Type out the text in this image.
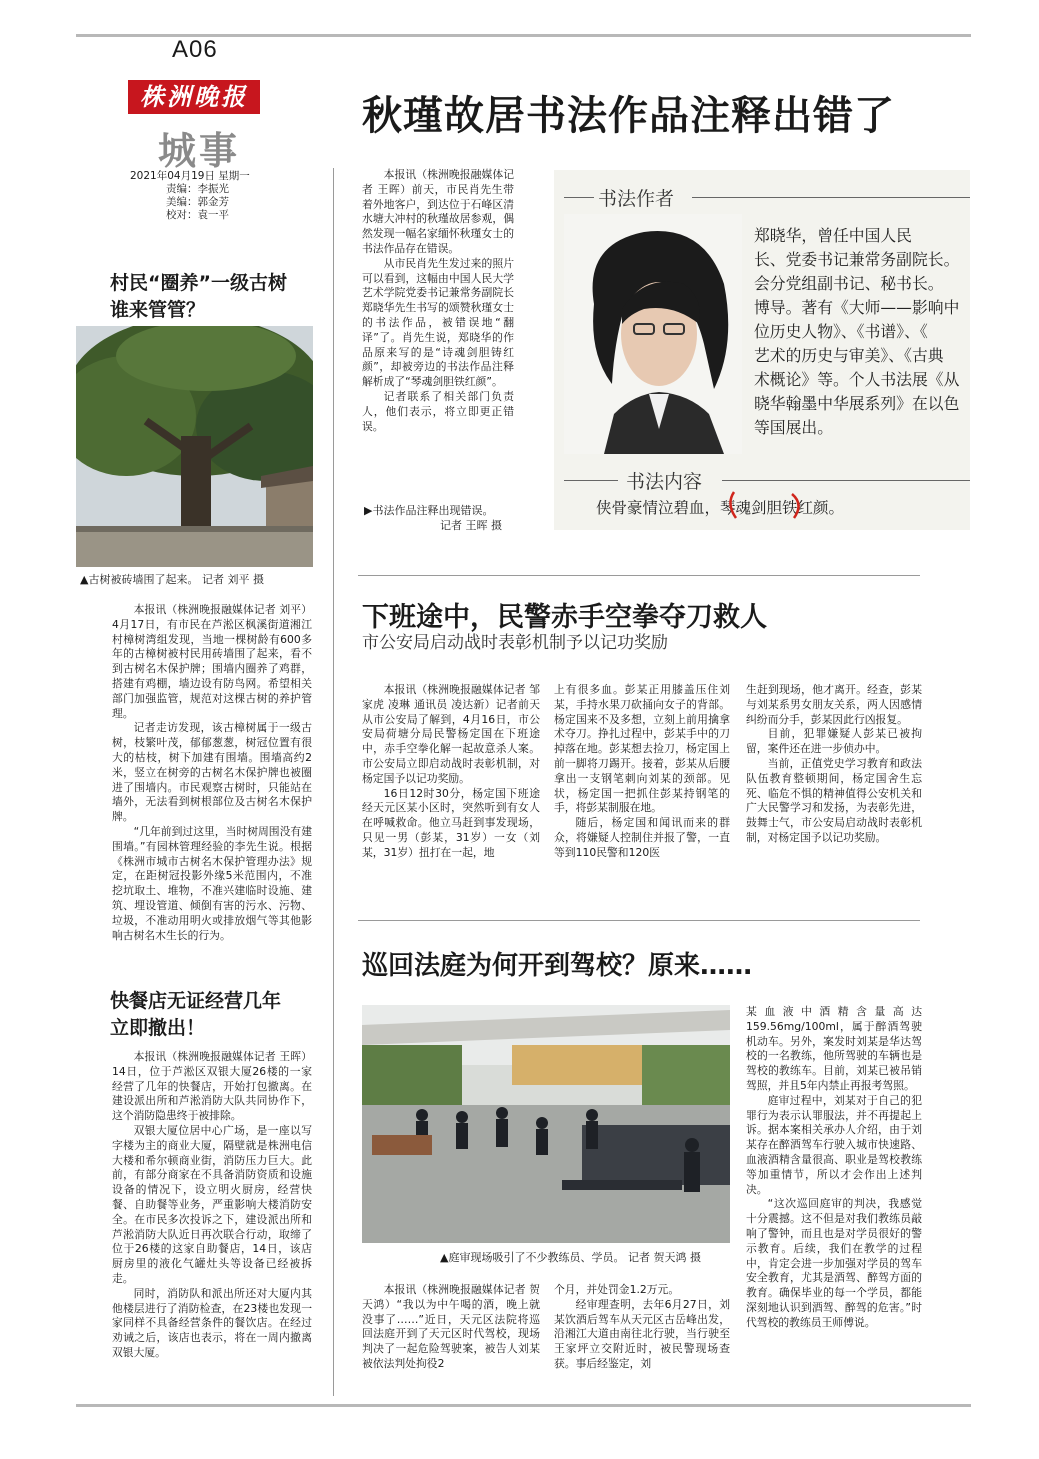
A06
株洲晚报
城事
2021年04月19日 星期一
责编：李振光
美编：郭金芳
校对：袁一平
秋瑾故居书法作品注释出错了

本报讯（株洲晚报融媒体记者 王晖）前天，市民肖先生带着外地客户，到达位于石峰区清水塘大冲村的秋瑾故居参观，偶然发现一幅名家缅怀秋瑾女士的书法作品存在错误。

从市民肖先生发过来的照片可以看到，这幅由中国人民大学艺术学院党委书记兼常务副院长郑晓华先生书写的颂赞秋瑾女士的书法作品，被错误地“翻译”了。肖先生说，郑晓华的作品原来写的是“诗魂剑胆铸红颜”，却被旁边的书法作品注释解析成了“琴魂剑胆铁红颜”。

记者联系了相关部门负责人，他们表示，将立即更正错误。

▶书法作品注释出现错误。
记者 王晖 摄
书法作者
郑晓华，曾任中国人民
长、党委书记兼常务副院长。
会分党组副书记、秘书长。
博导。著有《大师——影响中
位历史人物》、《书谱》、《
艺术的历史与审美》、《古典
术概论》等。个人书法展《从
晓华翰墨中华展系列》在以色
等国展出。
书法内容
侠骨豪情泣碧血，琴魂剑胆铁红颜。
村民“圈养”一级古树
谁来管管？
▲古树被砖墙围了起来。 记者 刘平 摄

本报讯（株洲晚报融媒体记者 刘平）4月17日，有市民在芦淞区枫溪街道湘江村樟树湾组发现，当地一棵树龄有600多年的古樟树被村民用砖墙围了起来，看不到古树名木保护牌；围墙内圈养了鸡群，搭建有鸡棚，墙边设有防鸟网。希望相关部门加强监管，规范对这棵古树的养护管理。

记者走访发现，该古樟树属于一级古树，枝繁叶茂，郁郁葱葱，树冠位置有很大的枯枝，树下加建有围墙。围墙高约2米，竖立在树旁的古树名木保护牌也被圈进了围墙内。市民观察古树时，只能站在墙外，无法看到树根部位及古树名木保护牌。

“几年前到过这里，当时树周围没有建围墙。”有园林管理经验的李先生说。根据《株洲市城市古树名木保护管理办法》规定，在距树冠投影外缘5米范围内，不准挖坑取土、堆物，不准兴建临时设施、建筑、埋设管道、倾倒有害的污水、污物、垃圾，不准动用明火或排放烟气等其他影响古树名木生长的行为。

快餐店无证经营几年
立即撤出！

本报讯（株洲晚报融媒体记者 王晖）14日，位于芦淞区双银大厦26楼的一家经营了几年的快餐店，开始打包撤离。在建设派出所和芦淞消防大队共同协作下，这个消防隐患终于被排除。

双银大厦位居中心广场，是一座以写字楼为主的商业大厦，隔壁就是株洲电信大楼和希尔顿商业街，消防压力巨大。此前，有部分商家在不具备消防资质和设施设备的情况下，设立明火厨房，经营快餐、自助餐等业务，严重影响大楼消防安全。在市民多次投诉之下，建设派出所和芦淞消防大队近日再次联合行动，取缔了位于26楼的这家自助餐店，14日，该店厨房里的液化气罐灶头等设备已经被拆走。

同时，消防队和派出所还对大厦内其他楼层进行了消防检查，在23楼也发现一家同样不具备经营条件的餐饮店。在经过劝诫之后，该店也表示，将在一周内撤离双银大厦。

下班途中，民警赤手空拳夺刀救人
市公安局启动战时表彰机制予以记功奖励

本报讯（株洲晚报融媒体记者 邹家虎 凌琳 通讯员 凌达新）记者前天从市公安局了解到，4月16日，市公安局荷塘分局民警杨定国在下班途中，赤手空拳化解一起故意杀人案。市公安局立即启动战时表彰机制，对杨定国予以记功奖励。

16日12时30分，杨定国下班途经天元区某小区时，突然听到有女人在呼喊救命。他立马赶到事发现场，只见一男（彭某，31岁）一女（刘某，31岁）扭打在一起，地

上有很多血。彭某正用膝盖压住刘某，手持水果刀砍捅向女子的背部。杨定国来不及多想，立刻上前用擒拿术夺刀。挣扎过程中，彭某手中的刀掉落在地。彭某想去捡刀，杨定国上前一脚将刀踢开。接着，彭某从后腰拿出一支钢笔刺向刘某的颈部。见状，杨定国一把抓住彭某持钢笔的手，将彭某制服在地。

随后，杨定国和闻讯而来的群众，将嫌疑人控制住并报了警，一直等到110民警和120医

生赶到现场，他才离开。经查，彭某与刘某系男女朋友关系，两人因感情纠纷而分手，彭某因此行凶报复。

目前，犯罪嫌疑人彭某已被拘留，案件还在进一步侦办中。

当前，正值党史学习教育和政法队伍教育整顿期间，杨定国舍生忘死、临危不惧的精神值得公安机关和广大民警学习和发扬，为表彰先进，鼓舞士气，市公安局启动战时表彰机制，对杨定国予以记功奖励。

巡回法庭为何开到驾校？原来……
▲庭审现场吸引了不少教练员、学员。 记者 贺天鸿 摄

某血液中酒精含量高达159.56mg/100ml，属于醉酒驾驶机动车。另外，案发时刘某是华达驾校的一名教练，他所驾驶的车辆也是驾校的教练车。目前，刘某已被吊销驾照，并且5年内禁止再报考驾照。

庭审过程中，刘某对于自己的犯罪行为表示认罪服法，并不再提起上诉。据本案相关承办人介绍，由于刘某存在醉酒驾车行驶入城市快速路、血液酒精含量很高、职业是驾校教练等加重情节，所以才会作出上述判决。

“这次巡回庭审的判决，我感觉十分震撼。这不但是对我们教练员敲响了警钟，而且也是对学员很好的警示教育。后续，我们在教学的过程中，肯定会进一步加强对学员的驾车安全教育，尤其是酒驾、醉驾方面的教育。确保毕业的每一个学员，都能深刻地认识到酒驾、醉驾的危害。”时代驾校的教练员王师傅说。

本报讯（株洲晚报融媒体记者 贺天鸿）“我以为中午喝的酒，晚上就没事了……”近日，天元区法院将巡回法庭开到了天元区时代驾校，现场判决了一起危险驾驶案，被告人刘某被依法判处拘役2

个月，并处罚金1.2万元。

经审理查明，去年6月27日，刘某饮酒后驾车从天元区古岳峰出发，沿湘江大道由南往北行驶，当行驶至王家坪立交附近时，被民警现场查获。事后经鉴定，刘
